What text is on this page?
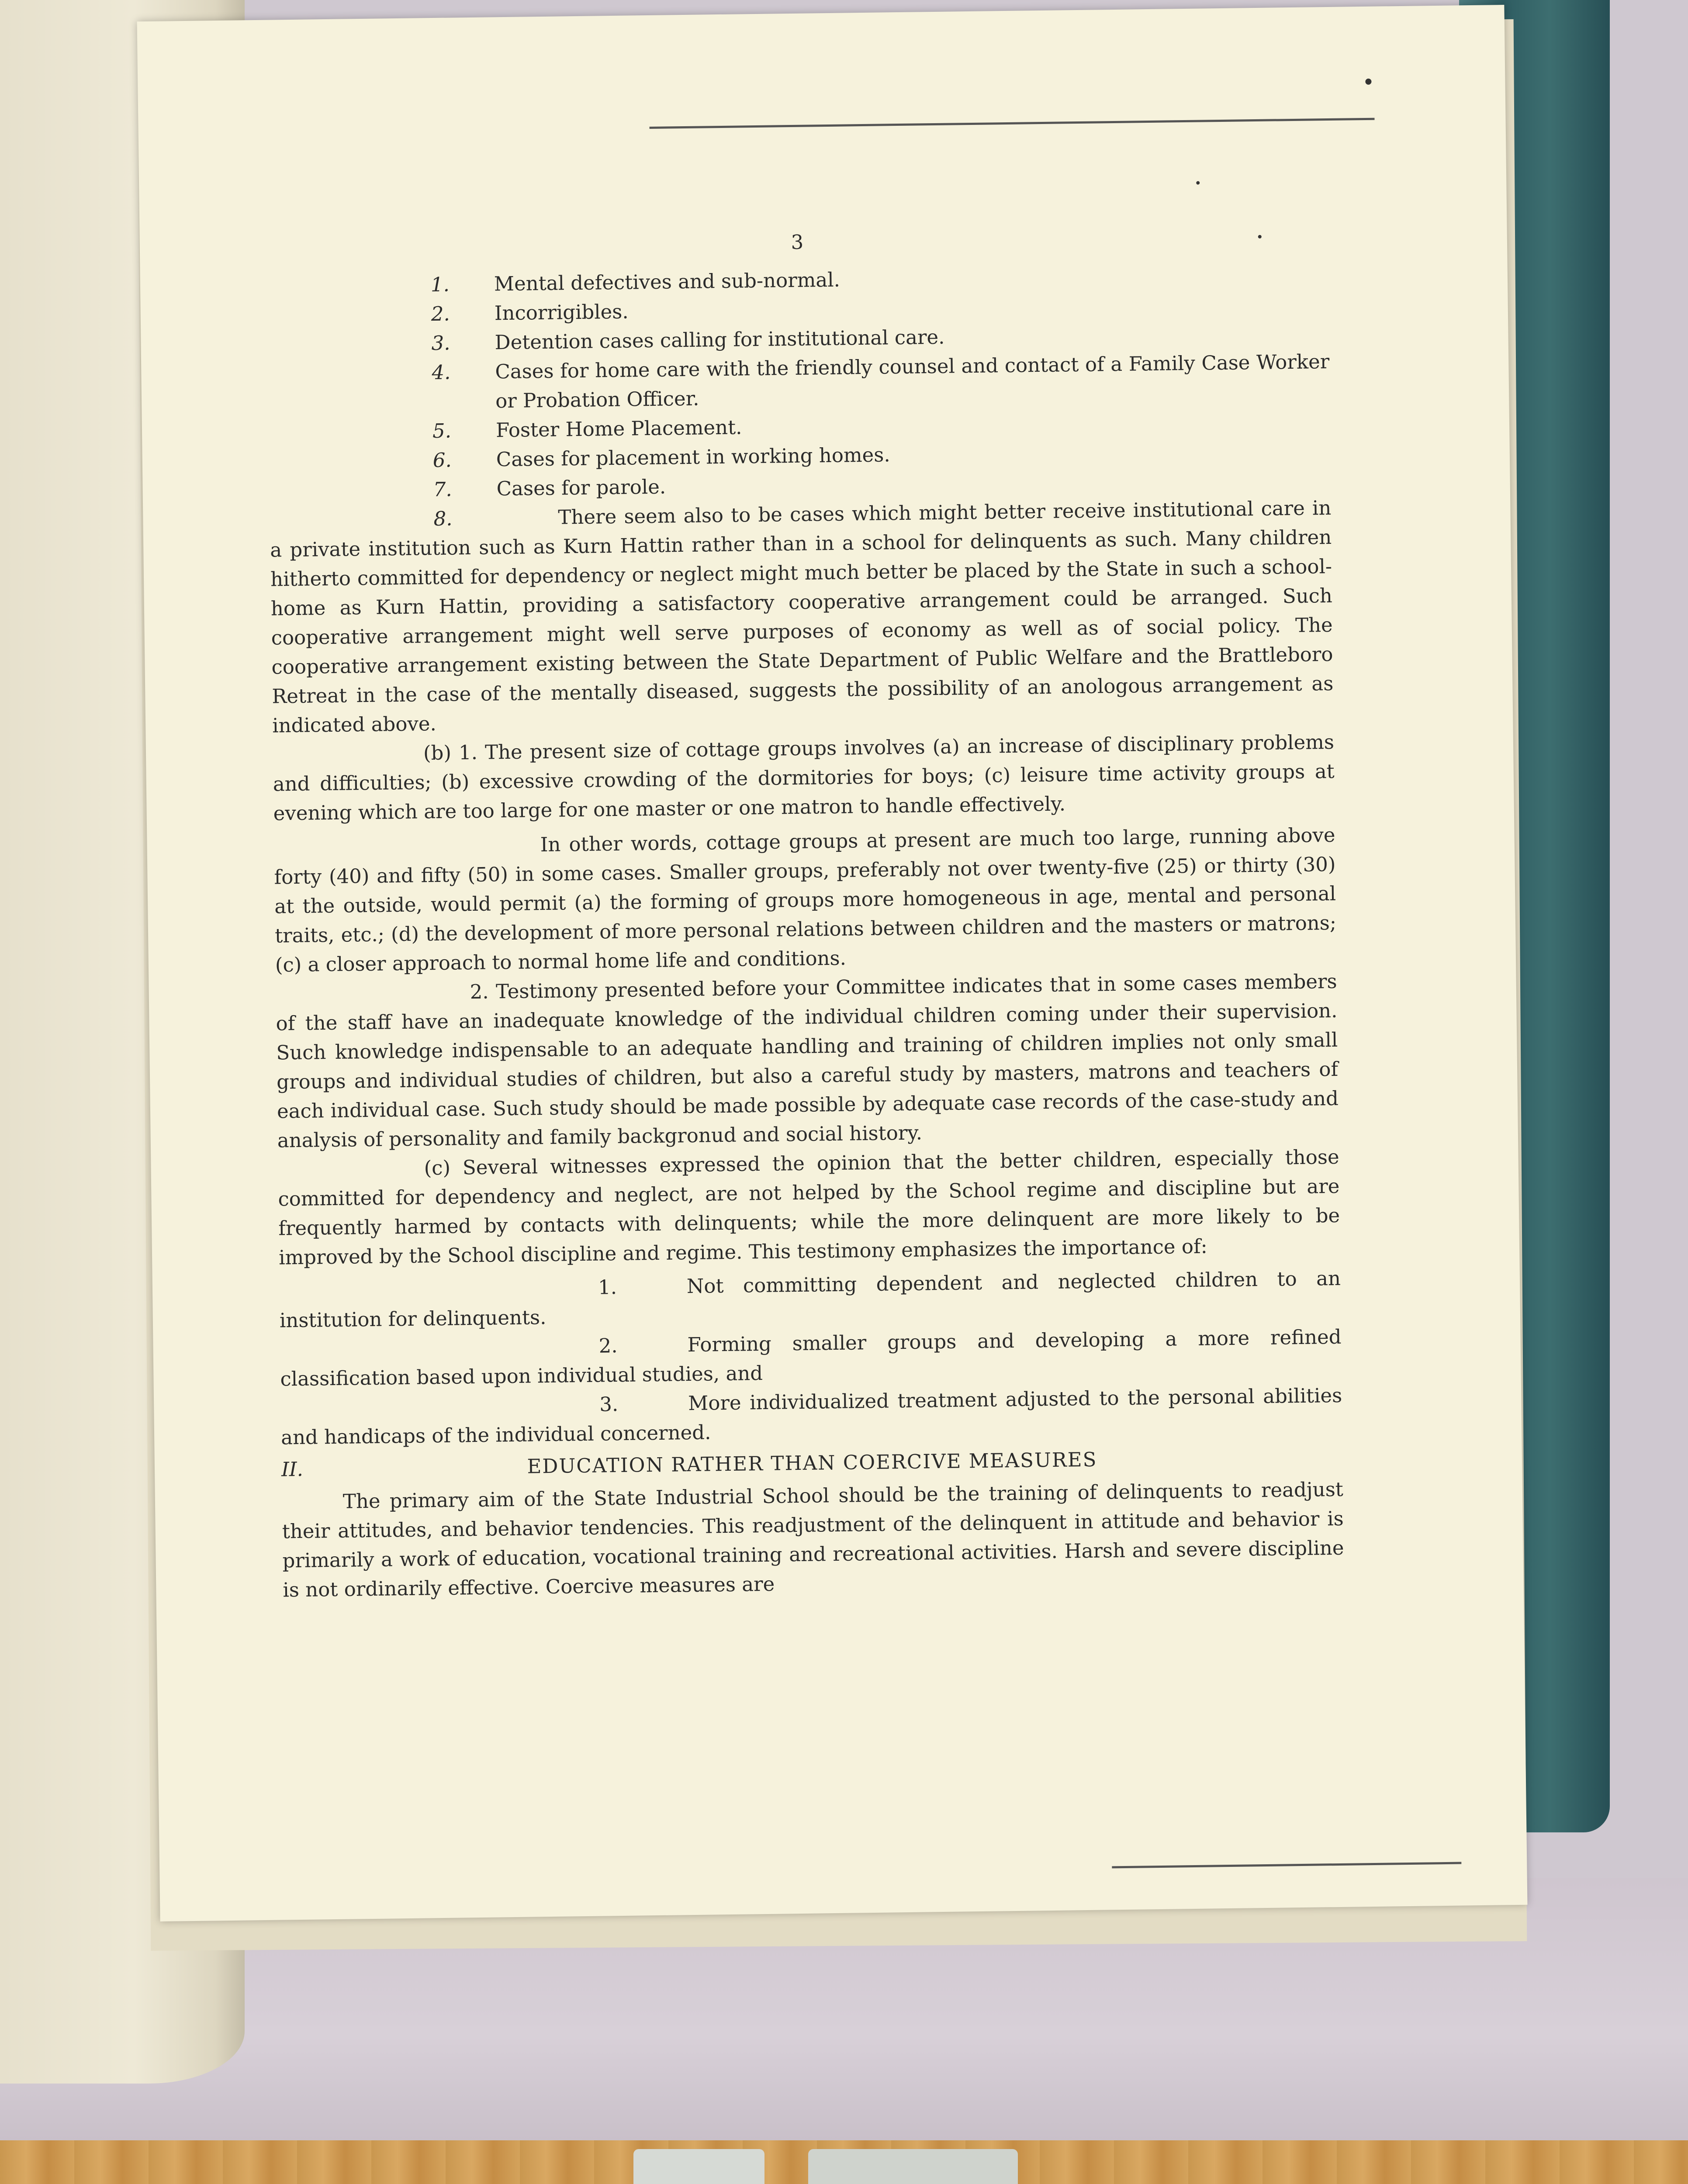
3
1. Mental defectives and sub-normal.
2. Incorrigibles.
3. Detention cases calling for institutional care.
4. Cases for home care with the friendly counsel and contact of a Family Case Worker or Probation Officer.
5. Foster Home Placement.
6. Cases for placement in working homes.
7. Cases for parole.

8.	There seem also to be cases which might better receive institutional care in a private institution such as Kurn Hattin rather than in a school for delinquents as such. Many children hitherto committed for dependency or neglect might much better be placed by the State in such a school-home as Kurn Hattin, providing a satisfactory cooperative arrangement could be arranged. Such cooperative arrangement might well serve purposes of economy as well as of social policy. The cooperative arrangement existing between the State Department of Public Welfare and the Brattleboro Retreat in the case of the mentally diseased, suggests the possibility of an anologous arrangement as indicated above.

(b) 1. The present size of cottage groups involves (a) an increase of disciplinary problems and difficulties; (b) excessive crowding of the dormitories for boys; (c) leisure time activity groups at evening which are too large for one master or one matron to handle effectively.

In other words, cottage groups at present are much too large, running above forty (40) and fifty (50) in some cases. Smaller groups, preferably not over twenty-five (25) or thirty (30) at the outside, would permit (a) the forming of groups more homogeneous in age, mental and personal traits, etc.; (d) the development of more personal relations between children and the masters or matrons; (c) a closer approach to normal home life and conditions.

2. Testimony presented before your Committee indicates that in some cases members of the staff have an inadequate knowledge of the individual children coming under their supervision. Such knowledge indispensable to an adequate handling and training of children implies not only small groups and individual studies of children, but also a careful study by masters, matrons and teachers of each individual case. Such study should be made possible by adequate case records of the case-study and analysis of personality and family backgronud and social history.

(c) Several witnesses expressed the opinion that the better children, especially those committed for dependency and neglect, are not helped by the School regime and discipline but are frequently harmed by contacts with delinquents; while the more delinquent are more likely to be improved by the School discipline and regime. This testimony emphasizes the importance of:

1.	Not committing dependent and neglected children to an institution for delinquents.

2.	Forming smaller groups and developing a more refined classification based upon individual studies, and

3.	More individualized treatment adjusted to the personal abilities and handicaps of the individual concerned.

II.	EDUCATION RATHER THAN COERCIVE MEASURES

The primary aim of the State Industrial School should be the training of delinquents to readjust their attitudes, and behavior tendencies. This readjustment of the delinquent in attitude and behavior is primarily a work of education, vocational training and recreational activities. Harsh and severe discipline is not ordinarily effective. Coercive measures are
